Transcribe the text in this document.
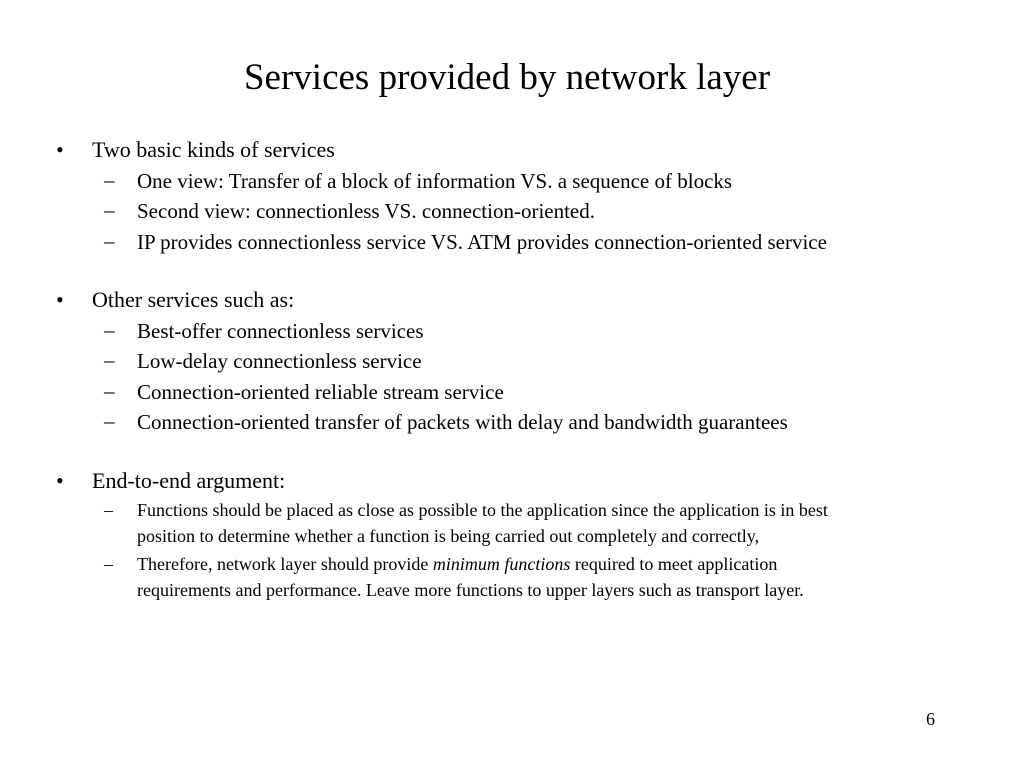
Services provided by network layer
• Two basic kinds of services
– One view: Transfer of a block of information VS. a sequence of blocks
– Second view: connectionless VS. connection-oriented.
– IP provides connectionless service VS. ATM provides connection-oriented service
• Other services such as:
– Best-offer connectionless services
– Low-delay connectionless service
– Connection-oriented reliable stream service
– Connection-oriented transfer of packets with delay and bandwidth guarantees
• End-to-end argument:
– Functions should be placed as close as possible to the application since the application is in best
position to determine whether a function is being carried out completely and correctly,
– Therefore, network layer should provide minimum functions required to meet application
requirements and performance. Leave more functions to upper layers such as transport layer.
6
